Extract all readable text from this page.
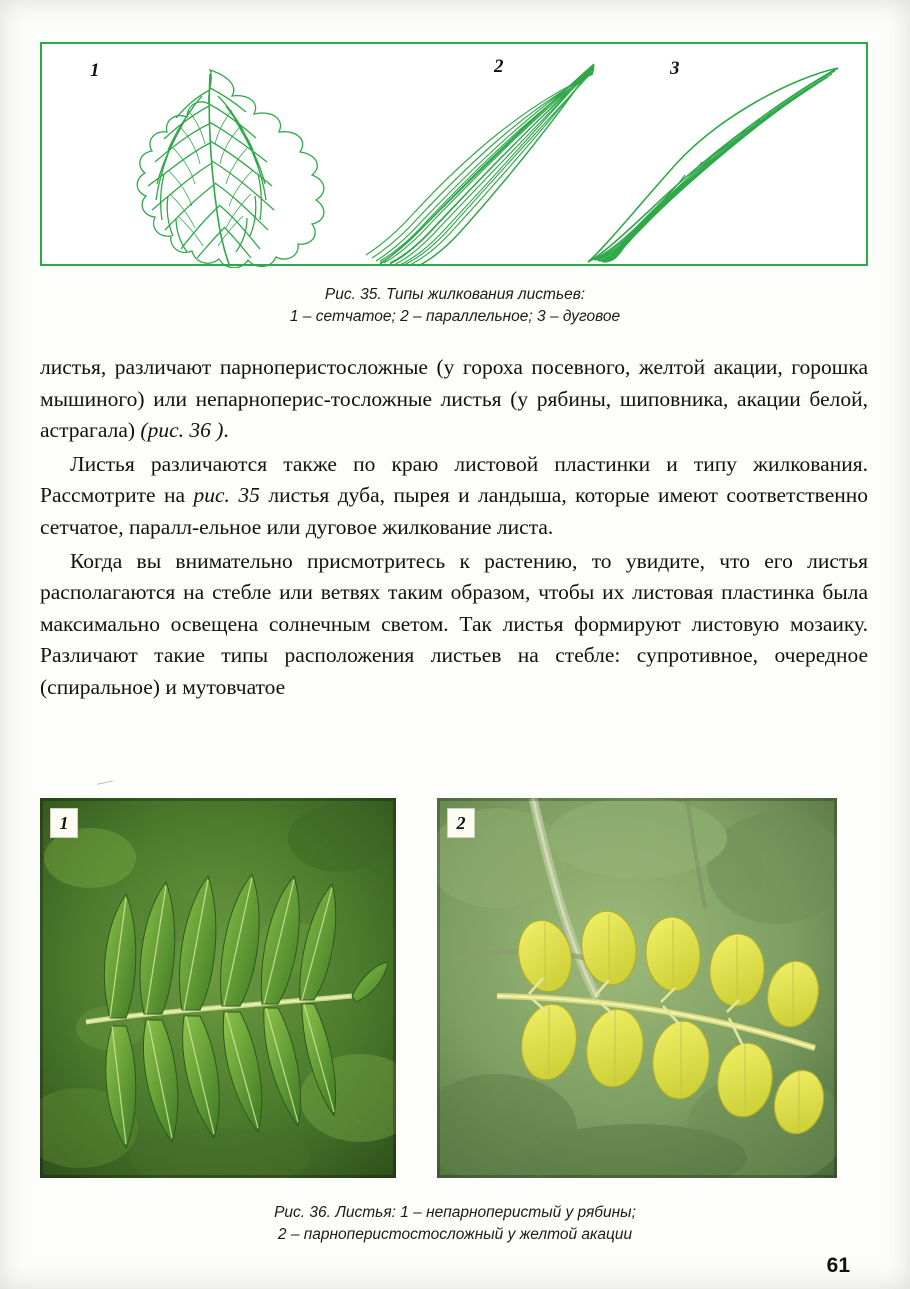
1	2	3
Рис. 35. Типы жилкования листьев:
1 – сетчатое; 2 – параллельное; 3 – дуговое

листья, различают парноперистосложные (у гороха посевного, желтой акации, горошка мышиного) или непарноперис-тосложные листья (у рябины, шиповника, акации белой, астрагала) (рис. 36 ).

Листья различаются также по краю листовой пластинки и типу жилкования. Рассмотрите на рис. 35 листья дуба, пырея и ландыша, которые имеют соответственно сетчатое, паралл-ельное или дуговое жилкование листа.

Когда вы внимательно присмотритесь к растению, то увидите, что его листья располагаются на стебле или ветвях таким образом, чтобы их листовая пластинка была максимально освещена солнечным светом. Так листья формируют листовую мозаику. Различают такие типы расположения листьев на стебле: супротивное, очередное (спиральное) и мутовчатое

1	2
Рис. 36. Листья: 1 – непарноперистый у рябины;
2 – парноперистостосложный у желтой акации
61
